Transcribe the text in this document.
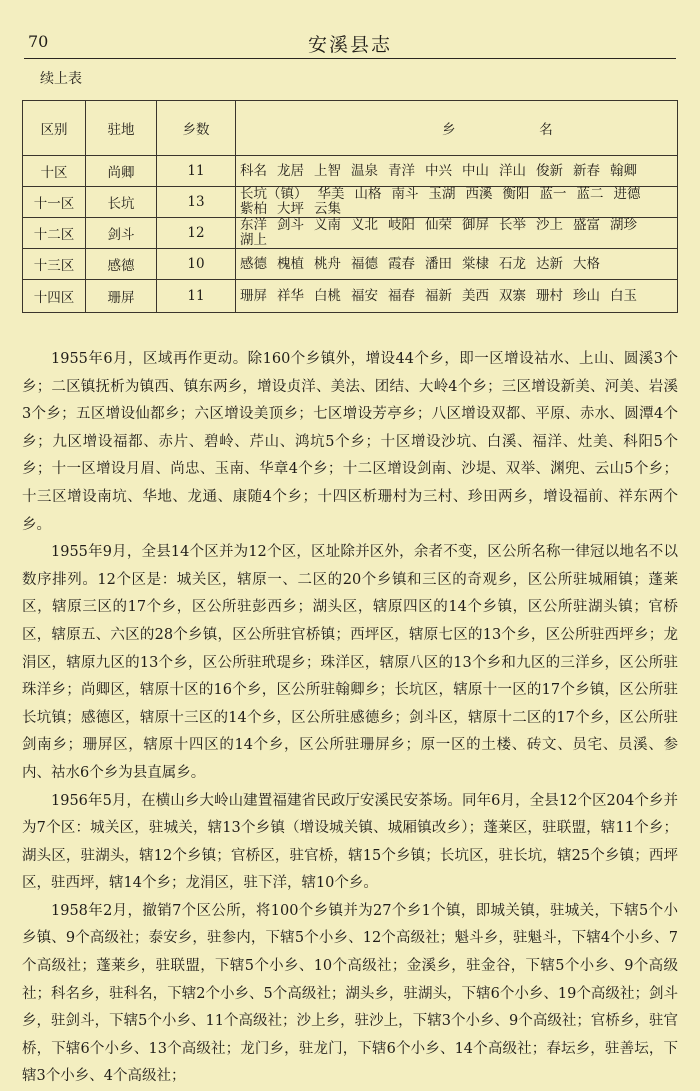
70	安溪县志
续上表
区别	驻地	乡数	乡 名
十区	尚卿	11	科名 龙居 上智 温泉 青洋 中兴 中山 洋山 俊新 新春 翰卿
十一区	长坑	13	长坑（镇） 华美 山格 南斗 玉湖 西溪 衡阳 蓝一 蓝二 进德紫柏 大坪 云集
十二区	剑斗	12	东洋 剑斗 义南 义北 岐阳 仙荣 御屏 长举 沙上 盛富 湖珍湖上
十三区	感德	10	感德 槐植 桃舟 福德 霞春 潘田 棠棣 石龙 达新 大格
十四区	珊屏	11	珊屏 祥华 白桃 福安 福春 福新 美西 双寨 珊村 珍山 白玉

1955年6月，区域再作更动。除160个乡镇外，增设44个乡，即一区增设祜水、上山、圆溪3个乡；二区镇抚析为镇西、镇东两乡，增设贞洋、美法、团结、大岭4个乡；三区增设新美、河美、岩溪3个乡；五区增设仙都乡；六区增设美顶乡；七区增设芳亭乡；八区增设双都、平原、赤水、圆潭4个乡；九区增设福都、赤片、碧岭、芹山、鸿坑5个乡；十区增设沙坑、白溪、福洋、灶美、科阳5个乡；十一区增设月眉、尚忠、玉南、华章4个乡；十二区增设剑南、沙堤、双举、渊兜、云山5个乡；十三区增设南坑、华地、龙通、康随4个乡；十四区析珊村为三村、珍田两乡，增设福前、祥东两个乡。

1955年9月，全县14个区并为12个区，区址除并区外，余者不变，区公所名称一律冠以地名不以数序排列。12个区是：城关区，辖原一、二区的20个乡镇和三区的奇观乡，区公所驻城厢镇；蓬莱区，辖原三区的17个乡，区公所驻彭西乡；湖头区，辖原四区的14个乡镇，区公所驻湖头镇；官桥区，辖原五、六区的28个乡镇，区公所驻官桥镇；西坪区，辖原七区的13个乡，区公所驻西坪乡；龙涓区，辖原九区的13个乡，区公所驻玳瑅乡；珠洋区，辖原八区的13个乡和九区的三洋乡，区公所驻珠洋乡；尚卿区，辖原十区的16个乡，区公所驻翰卿乡；长坑区，辖原十一区的17个乡镇，区公所驻长坑镇；感德区，辖原十三区的14个乡，区公所驻感德乡；剑斗区，辖原十二区的17个乡，区公所驻剑南乡；珊屏区，辖原十四区的14个乡，区公所驻珊屏乡；原一区的土楼、砖文、员宅、员溪、参内、祜水6个乡为县直属乡。

1956年5月，在横山乡大岭山建置福建省民政厅安溪民安茶场。同年6月，全县12个区204个乡并为7个区：城关区，驻城关，辖13个乡镇（增设城关镇、城厢镇改乡）；蓬莱区，驻联盟，辖11个乡；湖头区，驻湖头，辖12个乡镇；官桥区，驻官桥，辖15个乡镇；长坑区，驻长坑，辖25个乡镇；西坪区，驻西坪，辖14个乡；龙涓区，驻下洋，辖10个乡。

1958年2月，撤销7个区公所，将100个乡镇并为27个乡1个镇，即城关镇，驻城关，下辖5个小乡镇、9个高级社；泰安乡，驻参内，下辖5个小乡、12个高级社；魁斗乡，驻魁斗，下辖4个小乡、7个高级社；蓬莱乡，驻联盟，下辖5个小乡、10个高级社；金溪乡，驻金谷，下辖5个小乡、9个高级社；科名乡，驻科名，下辖2个小乡、5个高级社；湖头乡，驻湖头，下辖6个小乡、19个高级社；剑斗乡，驻剑斗，下辖5个小乡、11个高级社；沙上乡，驻沙上，下辖3个小乡、9个高级社；官桥乡，驻官桥，下辖6个小乡、13个高级社；龙门乡，驻龙门，下辖6个小乡、14个高级社；春坛乡，驻善坛，下辖3个小乡、4个高级社；
